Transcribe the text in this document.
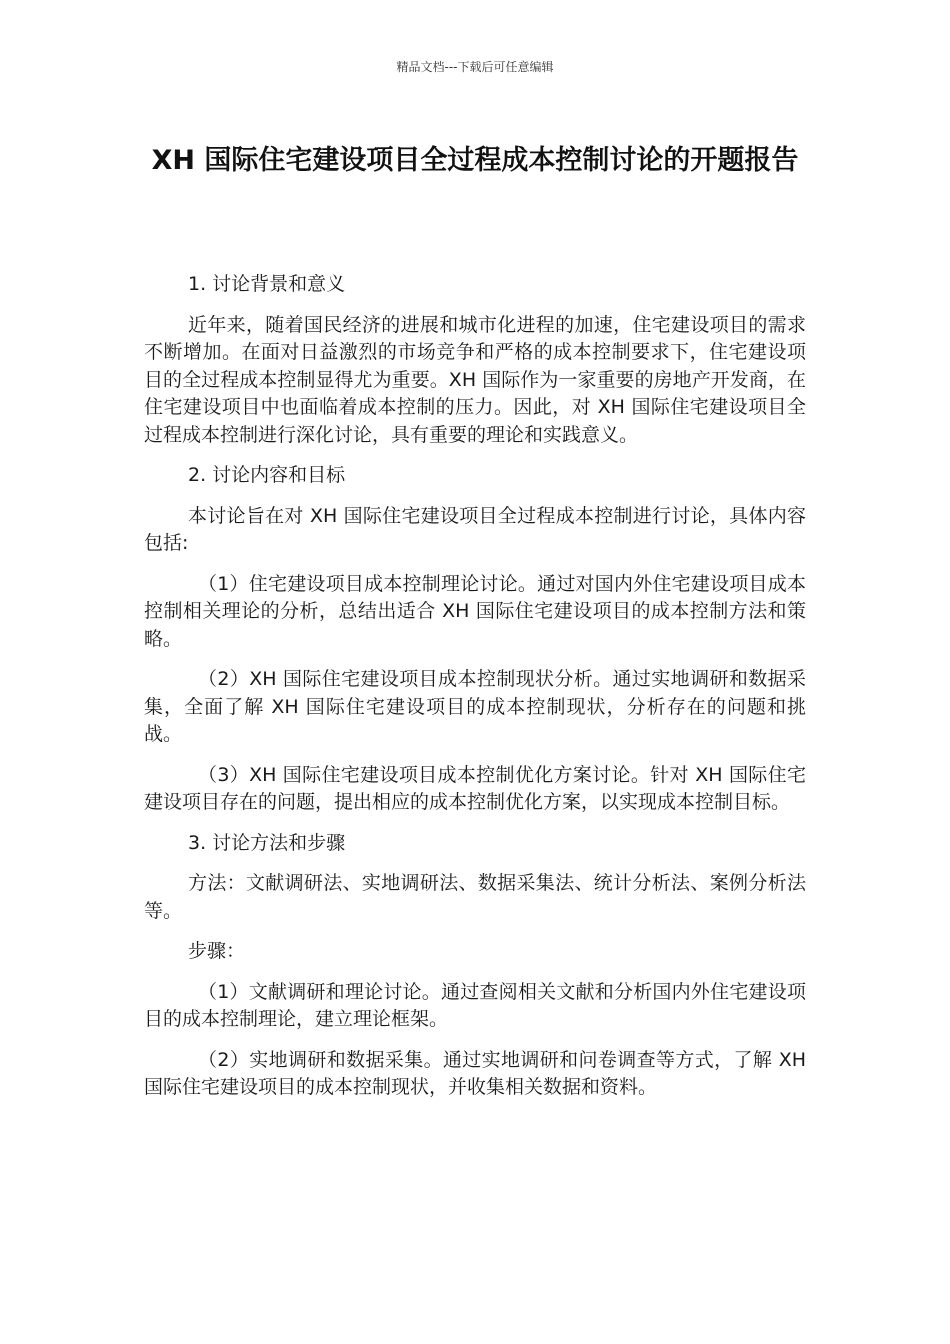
精品文档---下载后可任意编辑
XH 国际住宅建设项目全过程成本控制讨论的开题报告

1. 讨论背景和意义

近年来，随着国民经济的进展和城市化进程的加速，住宅建设项目的需求不断增加。在面对日益激烈的市场竞争和严格的成本控制要求下，住宅建设项目的全过程成本控制显得尤为重要。XH 国际作为一家重要的房地产开发商，在住宅建设项目中也面临着成本控制的压力。因此，对 XH 国际住宅建设项目全过程成本控制进行深化讨论，具有重要的理论和实践意义。

2. 讨论内容和目标

本讨论旨在对 XH 国际住宅建设项目全过程成本控制进行讨论，具体内容包括:

（1）住宅建设项目成本控制理论讨论。通过对国内外住宅建设项目成本控制相关理论的分析，总结出适合 XH 国际住宅建设项目的成本控制方法和策略。

（2）XH 国际住宅建设项目成本控制现状分析。通过实地调研和数据采集，全面了解 XH 国际住宅建设项目的成本控制现状，分析存在的问题和挑战。

（3）XH 国际住宅建设项目成本控制优化方案讨论。针对 XH 国际住宅建设项目存在的问题，提出相应的成本控制优化方案，以实现成本控制目标。

3. 讨论方法和步骤

方法：文献调研法、实地调研法、数据采集法、统计分析法、案例分析法等。

步骤：

（1）文献调研和理论讨论。通过查阅相关文献和分析国内外住宅建设项目的成本控制理论，建立理论框架。

（2）实地调研和数据采集。通过实地调研和问卷调查等方式，了解 XH 国际住宅建设项目的成本控制现状，并收集相关数据和资料。
